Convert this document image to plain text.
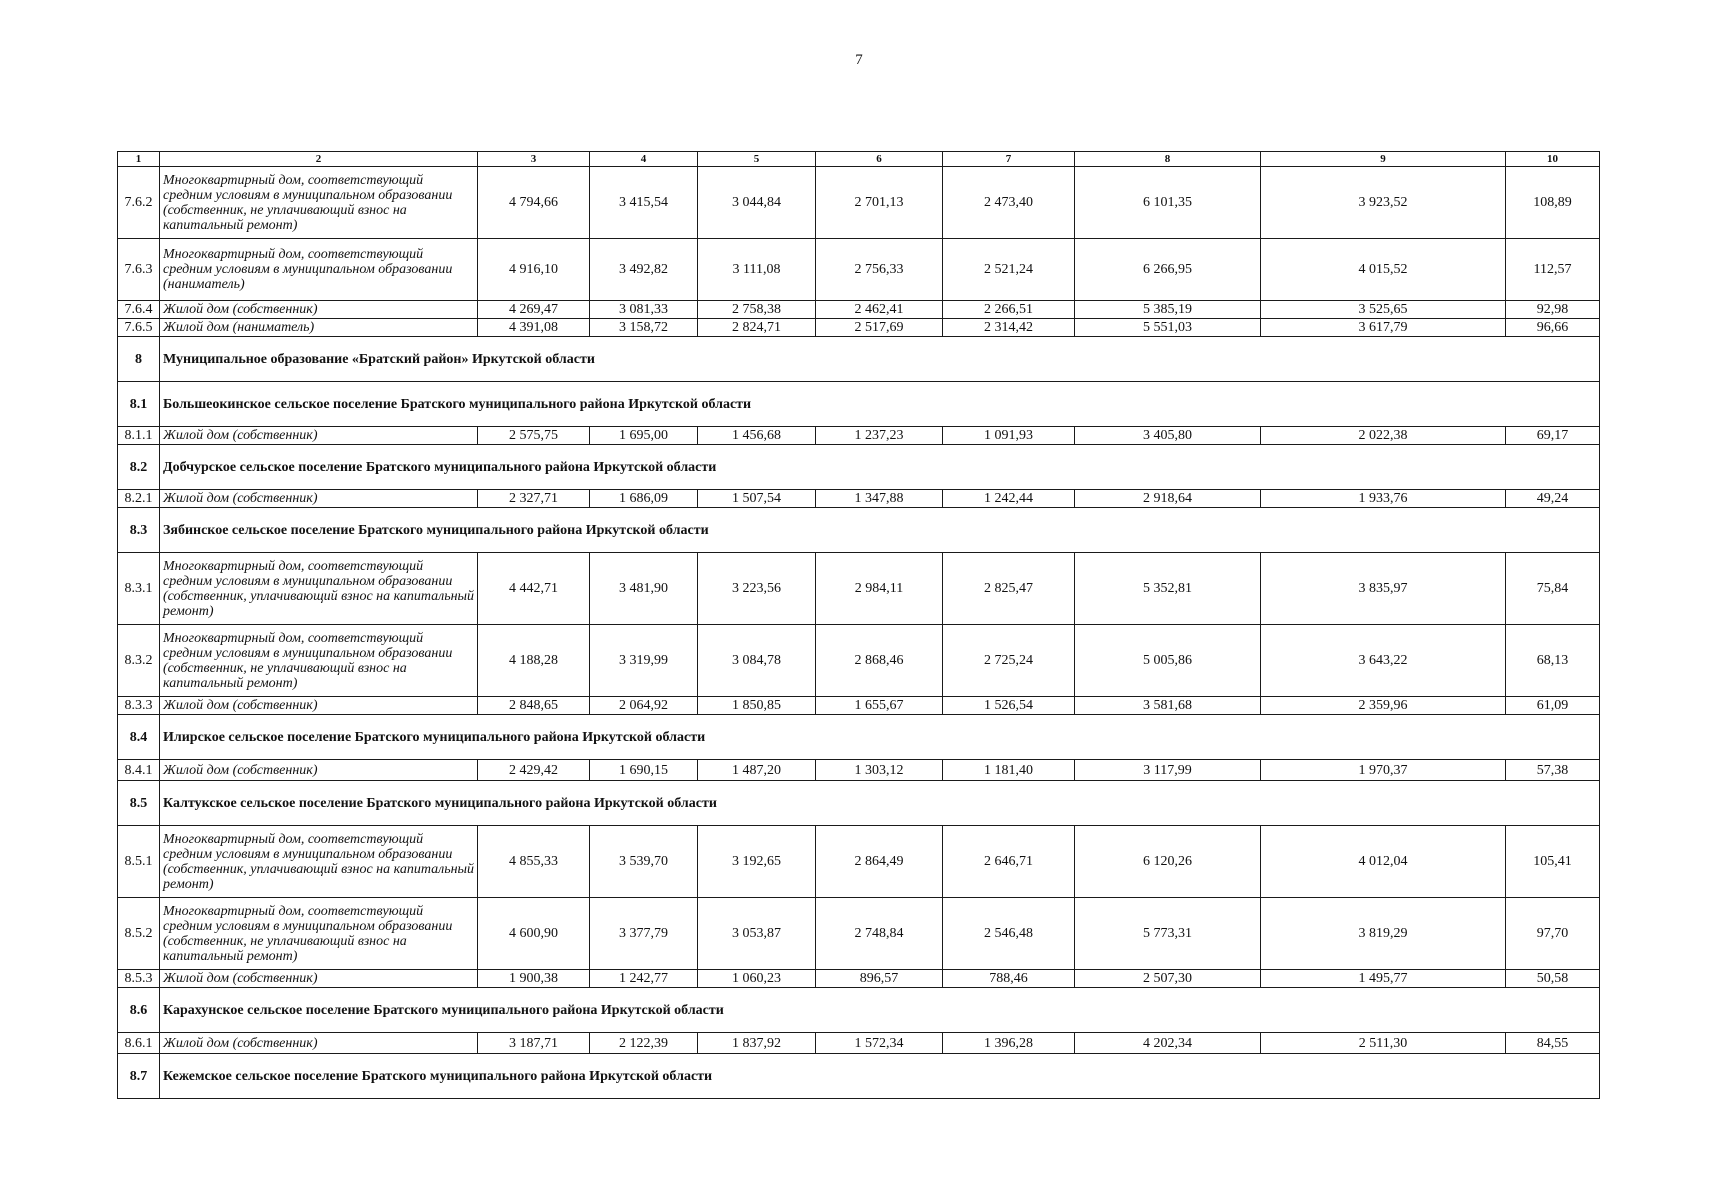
7
1	2	3	4	5	6	7	8	9	10
7.6.2	Многоквартирный дом, соответствующий средним условиям в муниципальном образовании (собственник, не уплачивающий взнос на капитальный ремонт)	4 794,66	3 415,54	3 044,84	2 701,13	2 473,40	6 101,35	3 923,52	108,89
7.6.3	Многоквартирный дом, соответствующий средним условиям в муниципальном образовании (наниматель)	4 916,10	3 492,82	3 111,08	2 756,33	2 521,24	6 266,95	4 015,52	112,57
7.6.4	Жилой дом (собственник)	4 269,47	3 081,33	2 758,38	2 462,41	2 266,51	5 385,19	3 525,65	92,98
7.6.5	Жилой дом (наниматель)	4 391,08	3 158,72	2 824,71	2 517,69	2 314,42	5 551,03	3 617,79	96,66
8	Муниципальное образование «Братский район» Иркутской области								
8.1	Большеокинское сельское поселение Братского муниципального района Иркутской области								
8.1.1	Жилой дом (собственник)	2 575,75	1 695,00	1 456,68	1 237,23	1 091,93	3 405,80	2 022,38	69,17
8.2	Добчурское сельское поселение Братского муниципального района Иркутской области								
8.2.1	Жилой дом (собственник)	2 327,71	1 686,09	1 507,54	1 347,88	1 242,44	2 918,64	1 933,76	49,24
8.3	Зябинское сельское поселение Братского муниципального района Иркутской области								
8.3.1	Многоквартирный дом, соответствующий средним условиям в муниципальном образовании (собственник, уплачивающий взнос на капитальный ремонт)	4 442,71	3 481,90	3 223,56	2 984,11	2 825,47	5 352,81	3 835,97	75,84
8.3.2	Многоквартирный дом, соответствующий средним условиям в муниципальном образовании (собственник, не уплачивающий взнос на капитальный ремонт)	4 188,28	3 319,99	3 084,78	2 868,46	2 725,24	5 005,86	3 643,22	68,13
8.3.3	Жилой дом (собственник)	2 848,65	2 064,92	1 850,85	1 655,67	1 526,54	3 581,68	2 359,96	61,09
8.4	Илирское сельское поселение Братского муниципального района Иркутской области								
8.4.1	Жилой дом (собственник)	2 429,42	1 690,15	1 487,20	1 303,12	1 181,40	3 117,99	1 970,37	57,38
8.5	Калтукское сельское поселение Братского муниципального района Иркутской области								
8.5.1	Многоквартирный дом, соответствующий средним условиям в муниципальном образовании (собственник, уплачивающий взнос на капитальный ремонт)	4 855,33	3 539,70	3 192,65	2 864,49	2 646,71	6 120,26	4 012,04	105,41
8.5.2	Многоквартирный дом, соответствующий средним условиям в муниципальном образовании (собственник, не уплачивающий взнос на капитальный ремонт)	4 600,90	3 377,79	3 053,87	2 748,84	2 546,48	5 773,31	3 819,29	97,70
8.5.3	Жилой дом (собственник)	1 900,38	1 242,77	1 060,23	896,57	788,46	2 507,30	1 495,77	50,58
8.6	Карахунское сельское поселение Братского муниципального района Иркутской области								
8.6.1	Жилой дом (собственник)	3 187,71	2 122,39	1 837,92	1 572,34	1 396,28	4 202,34	2 511,30	84,55
8.7	Кежемское сельское поселение Братского муниципального района Иркутской области								
